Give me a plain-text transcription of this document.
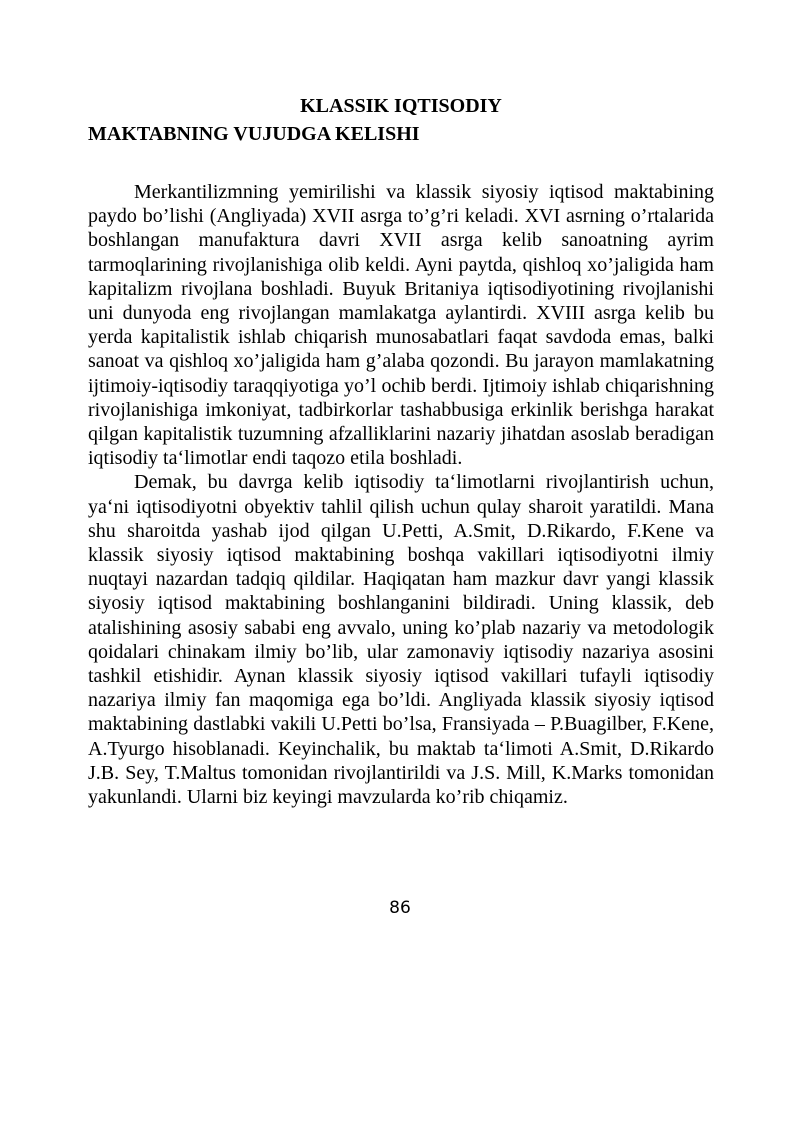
KLASSIK IQTISODIY
MAKTABNING VUJUDGA KELISHI

Merkantilizmning yemirilishi va klassik siyosiy iqtisod maktabining paydo bo’lishi (Angliyada) XVII asrga to’g’ri keladi. XVI asrning o’rtalarida boshlangan manufaktura davri XVII asrga kelib sanoatning ayrim tarmoqlarining rivojlanishiga olib keldi. Ayni paytda, qishloq xo’jaligida ham kapitalizm rivojlana boshladi. Buyuk Britaniya iqtisodiyotining rivojlanishi uni dunyoda eng rivojlangan mamlakatga aylantirdi. XVIII asrga kelib bu yerda kapitalistik ishlab chiqarish munosabatlari faqat savdoda emas, balki sanoat va qishloq xo’jaligida ham g’alaba qozondi. Bu jarayon mamlakatning ijtimoiy-iqtisodiy taraqqiyotiga yo’l ochib berdi. Ijtimoiy ishlab chiqarishning rivojlanishiga imkoniyat, tadbirkorlar tashabbusiga erkinlik berishga harakat qilgan kapitalistik tuzumning afzalliklarini nazariy jihatdan asoslab beradigan iqtisodiy ta‘limotlar endi taqozo etila boshladi.

Demak, bu davrga kelib iqtisodiy ta‘limotlarni rivojlantirish uchun, ya‘ni iqtisodiyotni obyektiv tahlil qilish uchun qulay sharoit yaratildi. Mana shu sharoitda yashab ijod qilgan U.Petti, A.Smit, D.Rikardo, F.Kene va klassik siyosiy iqtisod maktabining boshqa vakillari iqtisodiyotni ilmiy nuqtayi nazardan tadqiq qildilar. Haqiqatan ham mazkur davr yangi klassik siyosiy iqtisod maktabining boshlanganini bildiradi. Uning klassik, deb atalishining asosiy sababi eng avvalo, uning ko’plab nazariy va metodologik qoidalari chinakam ilmiy bo’lib, ular zamonaviy iqtisodiy nazariya asosini tashkil etishidir. Aynan klassik siyosiy iqtisod vakillari tufayli iqtisodiy nazariya ilmiy fan maqomiga ega bo’ldi. Angliyada klassik siyosiy iqtisod maktabining dastlabki vakili U.Petti bo’lsa, Fransiyada – P.Buagilber, F.Kene, A.Tyurgo hisoblanadi. Keyinchalik, bu maktab ta‘limoti A.Smit, D.Rikardo J.B. Sey, T.Maltus tomonidan rivojlantirildi va J.S. Mill, K.Marks tomonidan yakunlandi. Ularni biz keyingi mavzularda ko’rib chiqamiz.

86
